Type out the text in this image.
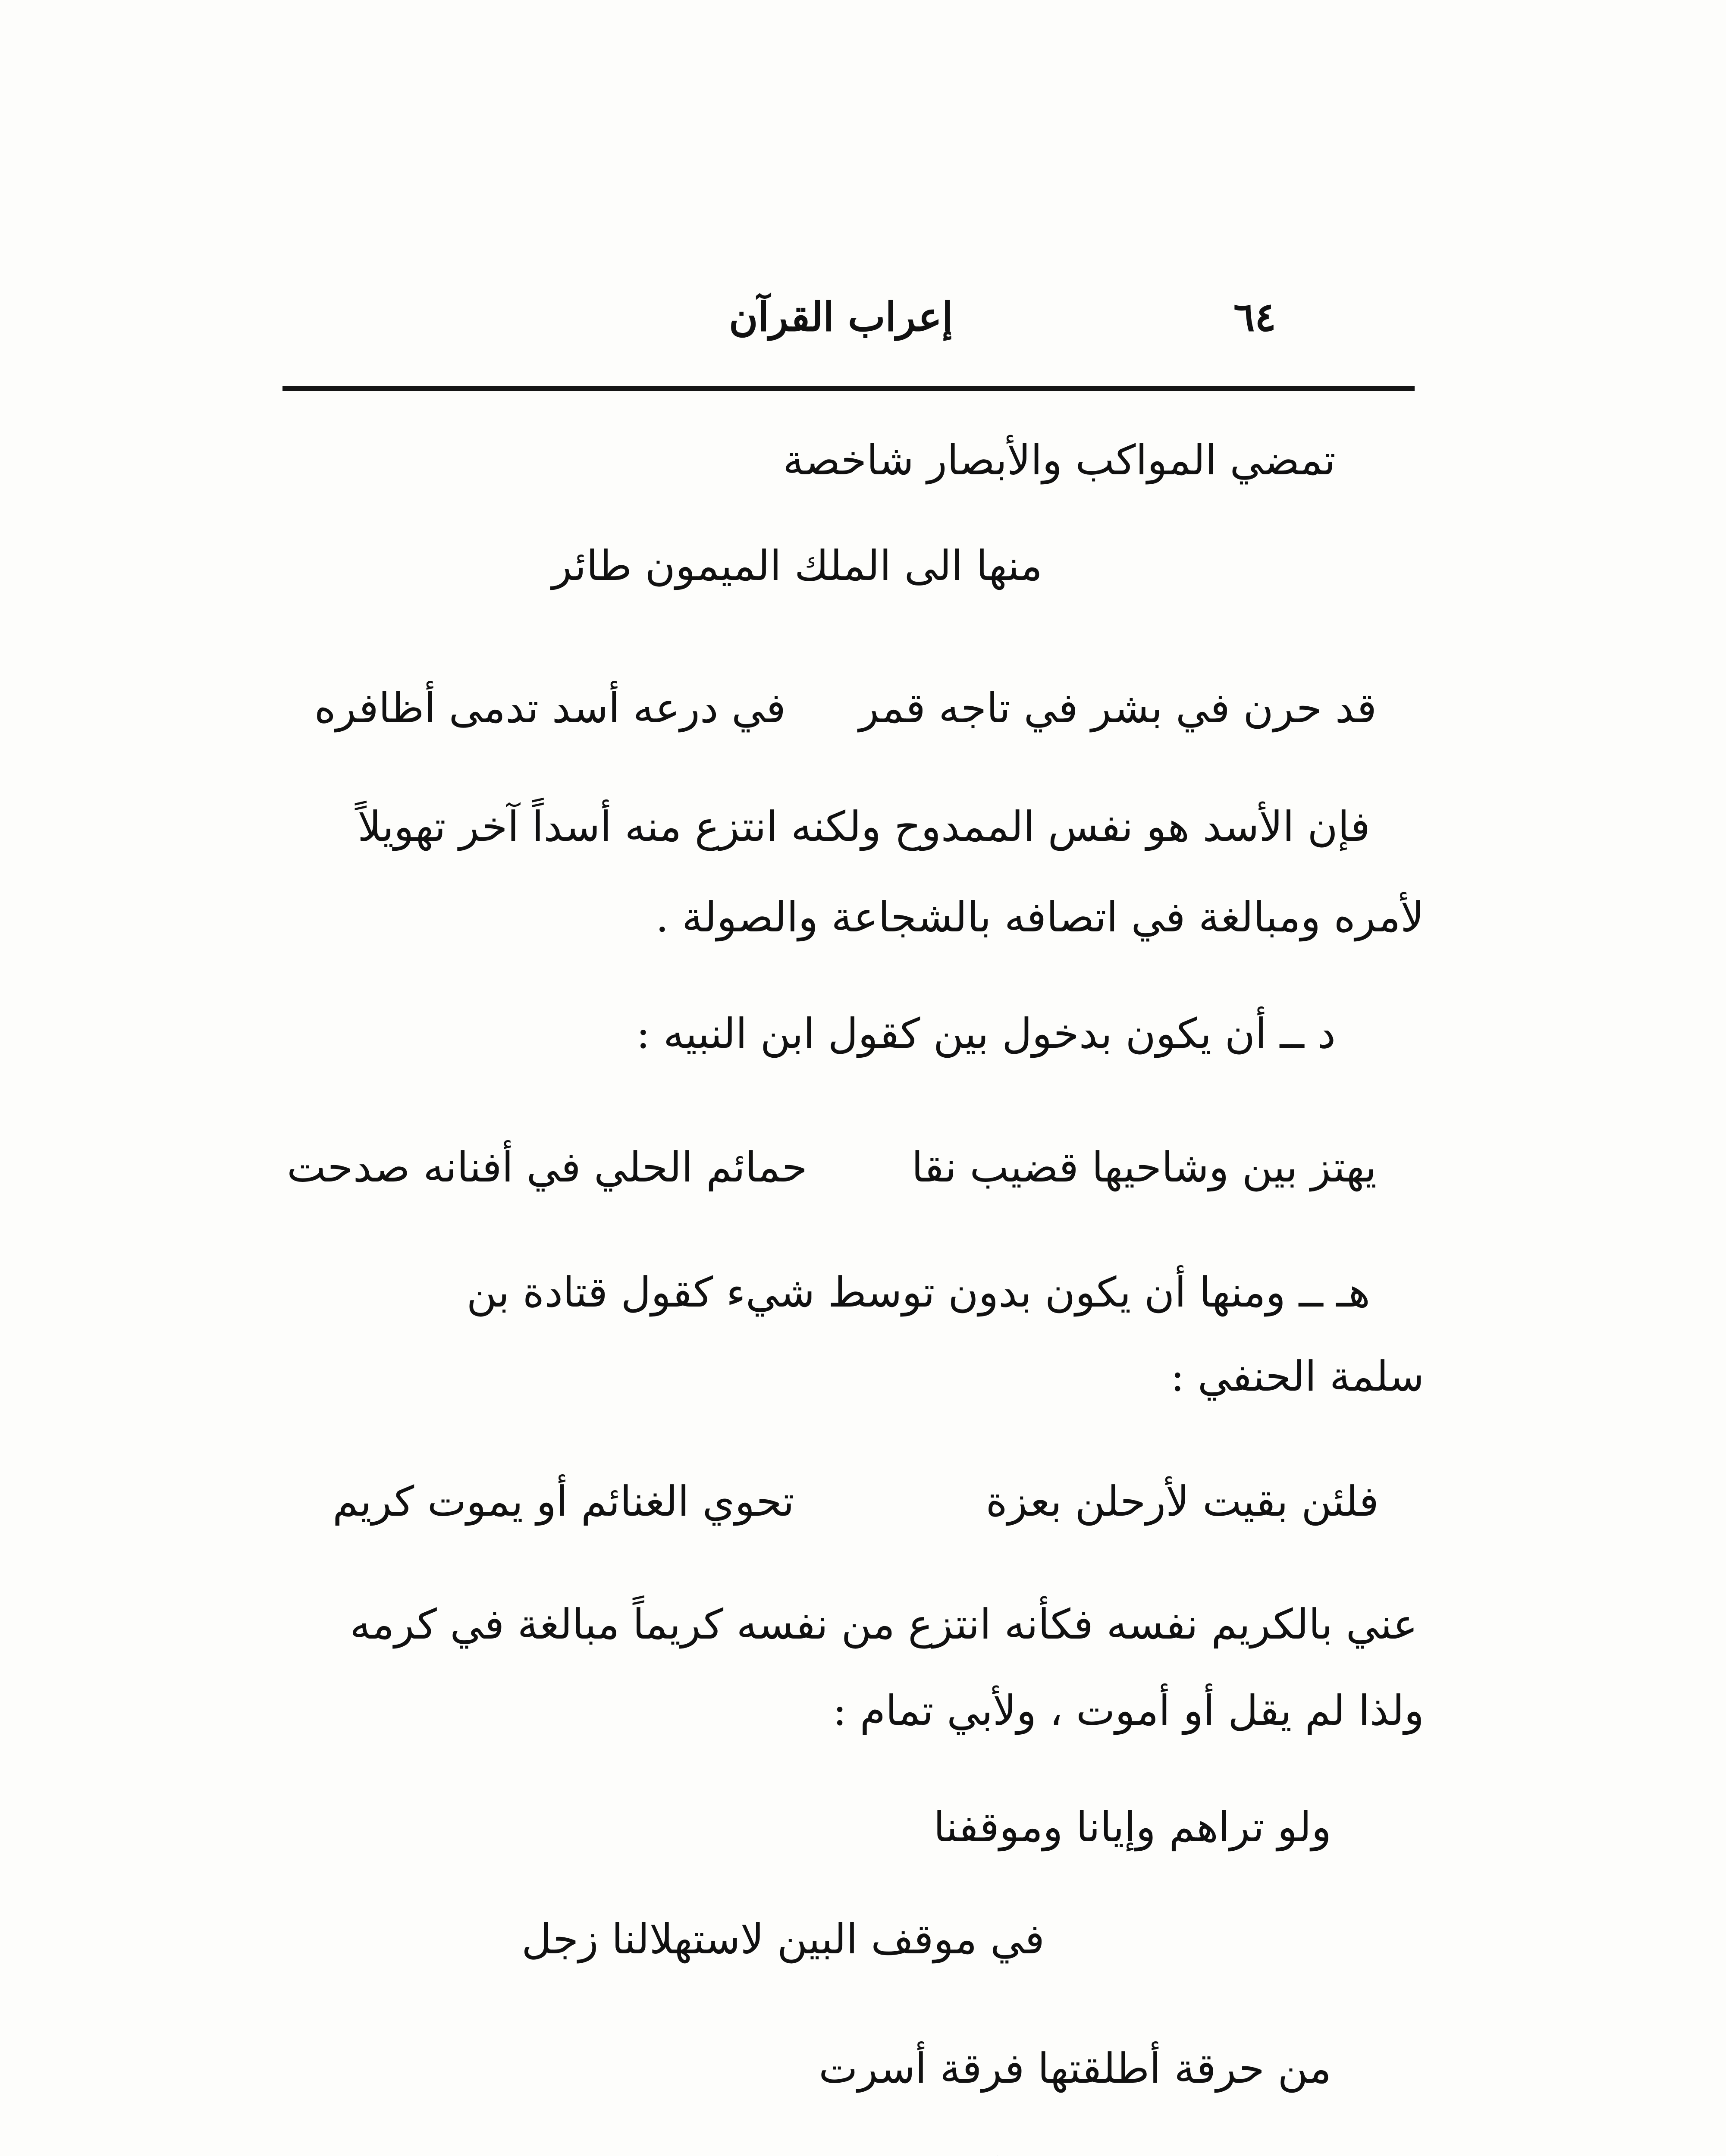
٦٤
إعراب القرآن
تمضي المواكب والأبصار شاخصة
منها الى الملك الميمون طائر
قد حرن في بشر في تاجه قمر
في درعه أسد تدمى أظافره
فإن الأسد هو نفس الممدوح ولكنه انتزع منه أسداً آخر تهويلاً
لأمره ومبالغة في اتصافه بالشجاعة والصولة .
د ــ أن يكون بدخول بين كقول ابن النبيه :
يهتز بين وشاحيها قضيب نقا
حمائم الحلي في أفنانه صدحت
هـ ــ ومنها أن يكون بدون توسط شيء كقول قتادة بن
سلمة الحنفي :
فلئن بقيت لأرحلن بعزة
تحوي الغنائم أو يموت كريم
عني بالكريم نفسه فكأنه انتزع من نفسه كريماً مبالغة في كرمه
ولذا لم يقل أو أموت ، ولأبي تمام :
ولو تراهم وإيانا وموقفنا
في موقف البين لاستهلالنا زجل
من حرقة أطلقتها فرقة أسرت
